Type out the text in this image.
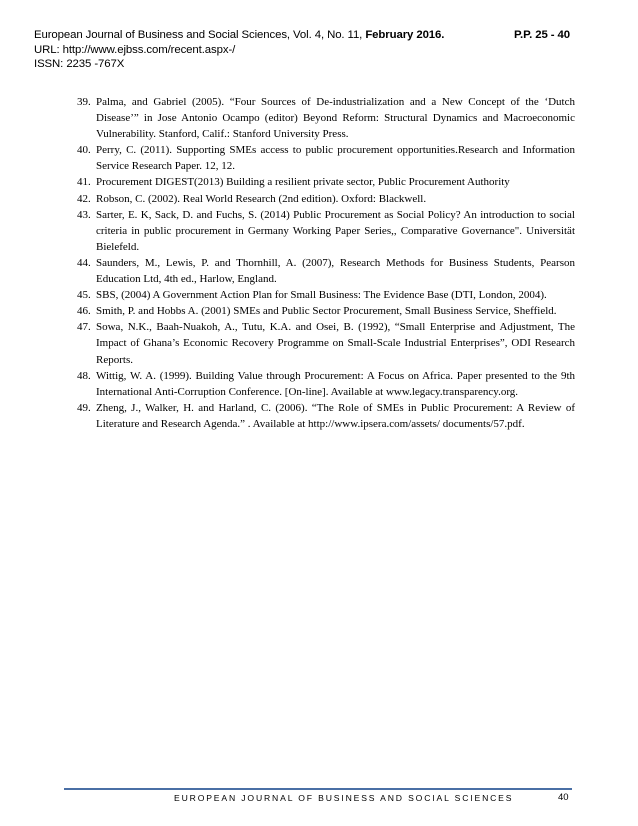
European Journal of Business and Social Sciences, Vol. 4, No. 11, February 2016.	P.P. 25 - 40
URL: http://www.ejbss.com/recent.aspx-/
ISSN: 2235 -767X
39. Palma, and Gabriel (2005). “Four Sources of De-industrialization and a New Concept of the ‘Dutch Disease’” in Jose Antonio Ocampo (editor) Beyond Reform: Structural Dynamics and Macroeconomic Vulnerability. Stanford, Calif.: Stanford University Press.
40. Perry, C. (2011). Supporting SMEs access to public procurement opportunities.Research and Information Service Research Paper. 12, 12.
41. Procurement DIGEST(2013) Building a resilient private sector, Public Procurement Authority
42. Robson, C. (2002). Real World Research (2nd edition). Oxford: Blackwell.
43. Sarter, E. K, Sack, D. and Fuchs, S. (2014) Public Procurement as Social Policy? An introduction to social criteria in public procurement in Germany Working Paper Series,, Comparative Governance". Universität Bielefeld.
44. Saunders, M., Lewis, P. and Thornhill, A. (2007), Research Methods for Business Students, Pearson Education Ltd, 4th ed., Harlow, England.
45. SBS, (2004) A Government Action Plan for Small Business: The Evidence Base (DTI, London, 2004).
46. Smith, P. and Hobbs A. (2001) SMEs and Public Sector Procurement, Small Business Service, Sheffield.
47. Sowa, N.K., Baah-Nuakoh, A., Tutu, K.A. and Osei, B. (1992), “Small Enterprise and Adjustment, The Impact of Ghana’s Economic Recovery Programme on Small-Scale Industrial Enterprises”, ODI Research Reports.
48. Wittig, W. A. (1999). Building Value through Procurement: A Focus on Africa. Paper presented to the 9th International Anti-Corruption Conference. [On-line]. Available at www.legacy.transparency.org.
49. Zheng, J., Walker, H. and Harland, C. (2006). “The Role of SMEs in Public Procurement: A Review of Literature and Research Agenda.” . Available at http://www.ipsera.com/assets/ documents/57.pdf.
EUROPEAN JOURNAL OF BUSINESS AND SOCIAL SCIENCES	40
